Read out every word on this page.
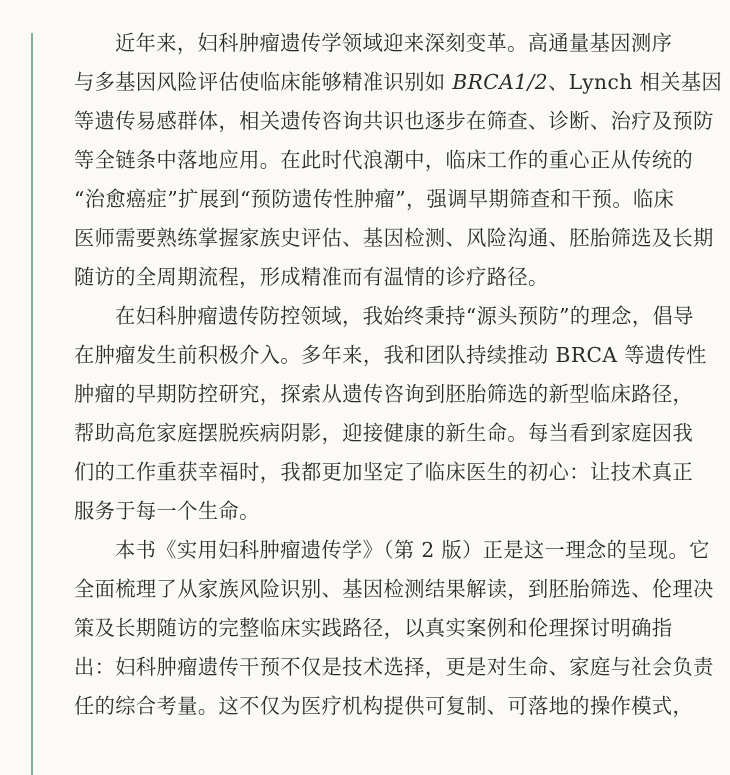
近年来，妇科肿瘤遗传学领域迎来深刻变革。高通量基因测序
与多基因风险评估使临床能够精准识别如 BRCA1/2、Lynch 相关基因
等遗传易感群体，相关遗传咨询共识也逐步在筛查、诊断、治疗及预防
等全链条中落地应用。在此时代浪潮中，临床工作的重心正从传统的
“治愈癌症”扩展到“预防遗传性肿瘤”，强调早期筛查和干预。临床
医师需要熟练掌握家族史评估、基因检测、风险沟通、胚胎筛选及长期
随访的全周期流程，形成精准而有温情的诊疗路径。
在妇科肿瘤遗传防控领域，我始终秉持“源头预防”的理念，倡导
在肿瘤发生前积极介入。多年来，我和团队持续推动 BRCA 等遗传性
肿瘤的早期防控研究，探索从遗传咨询到胚胎筛选的新型临床路径，
帮助高危家庭摆脱疾病阴影，迎接健康的新生命。每当看到家庭因我
们的工作重获幸福时，我都更加坚定了临床医生的初心：让技术真正
服务于每一个生命。
本书《实用妇科肿瘤遗传学》（第 2 版）正是这一理念的呈现。它
全面梳理了从家族风险识别、基因检测结果解读，到胚胎筛选、伦理决
策及长期随访的完整临床实践路径，以真实案例和伦理探讨明确指
出：妇科肿瘤遗传干预不仅是技术选择，更是对生命、家庭与社会负责
任的综合考量。这不仅为医疗机构提供可复制、可落地的操作模式，
